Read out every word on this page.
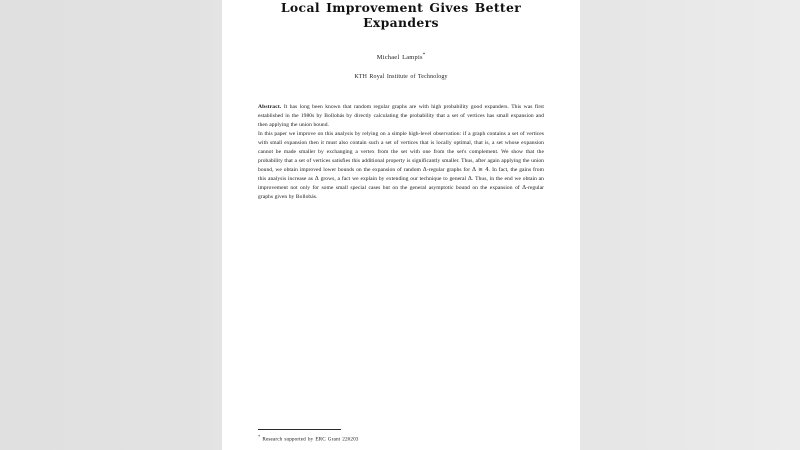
Local Improvement Gives Better Expanders

Michael Lampis*

KTH Royal Institute of Technology

Abstract. It has long been known that random regular graphs are with high probability good expanders. This was first established in the 1980s by Bollobás by directly calculating the probability that a set of vertices has small expansion and then applying the union bound.

In this paper we improve on this analysis by relying on a simple high-level observation: if a graph contains a set of vertices with small expansion then it must also contain such a set of vertices that is locally optimal, that is, a set whose expansion cannot be made smaller by exchanging a vertex from the set with one from the set's complement. We show that the probability that a set of vertices satisfies this additional property is significantly smaller. Thus, after again applying the union bound, we obtain improved lower bounds on the expansion of random Δ-regular graphs for Δ ≥ 4. In fact, the gains from this analysis increase as Δ grows, a fact we explain by extending our technique to general Δ. Thus, in the end we obtain an improvement not only for some small special cases but on the general asymptotic bound on the expansion of Δ-regular graphs given by Bollobás.

* Research supported by ERC Grant 226203
